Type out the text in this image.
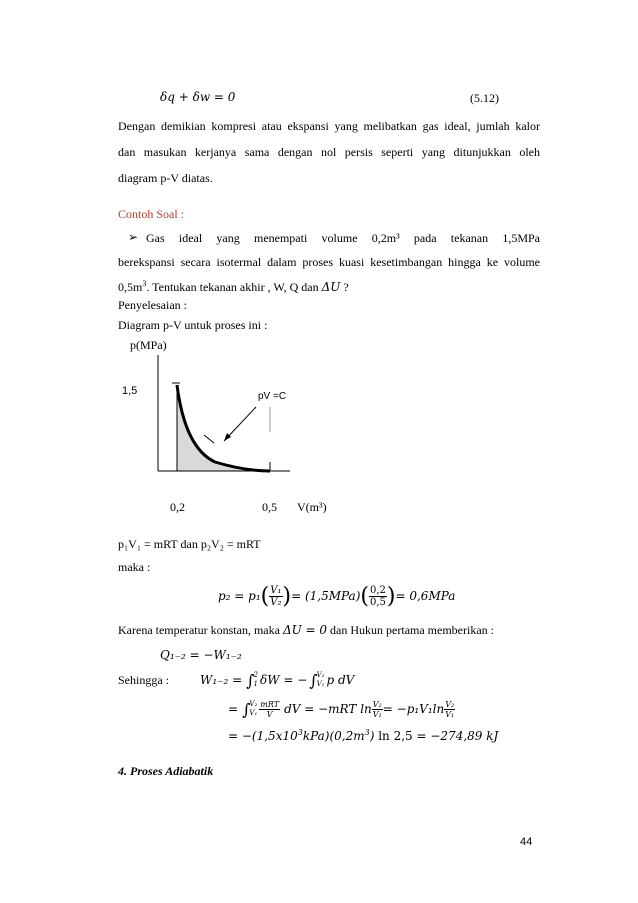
δq + δw = 0	(5.12)
Dengan demikian kompresi atau ekspansi yang melibatkan gas ideal, jumlah kalor
dan masukan kerjanya sama dengan nol persis seperti yang ditunjukkan oleh
diagram p-V diatas.
Contoh Soal :
➢ Gas ideal yang menempati volume 0,2m³ pada tekanan 1,5MPa
berekspansi secara isotermal dalam proses kuasi kesetimbangan hingga ke volume
$0,5m^3$. Tentukan tekanan akhir , W, Q dan ΔU ?
Penyelesaian :
Diagram p-V untuk proses ini :
p(MPa)
1,5	pV =C
0,2	0,5 V(m³)
p₁V₁ = mRT dan p₂V₂ = mRT
maka :
p₂ = p₁ ( $\frac{\text{V₁}}{\text{V₂}}$ ) = (1,5MPa) ( $\frac{0,2}{0,5}$ ) = 0,6MPa
Karena temperatur konstan, maka ΔU = 0 dan Hukun pertama memberikan :
Q₁₋₂ = −W₁₋₂
Sehingga :	W₁₋₂ = ∫ 2
1 δW = − ∫ V₂
V₁ p dV
= ∫ V₂
$V_1 \frac{\text{mRT}}{V}$ dV = −mRT $\ln \frac{\text{V₂}}{\text{V₁}} = -p_1V_1\ln \frac{\text{V₂}}{\text{V₁}}$
= $-(1,5x10^3kPa)(0,2m^3)$ ln 2,5 = −274,89 kJ
4. Proses Adiabatik
44
